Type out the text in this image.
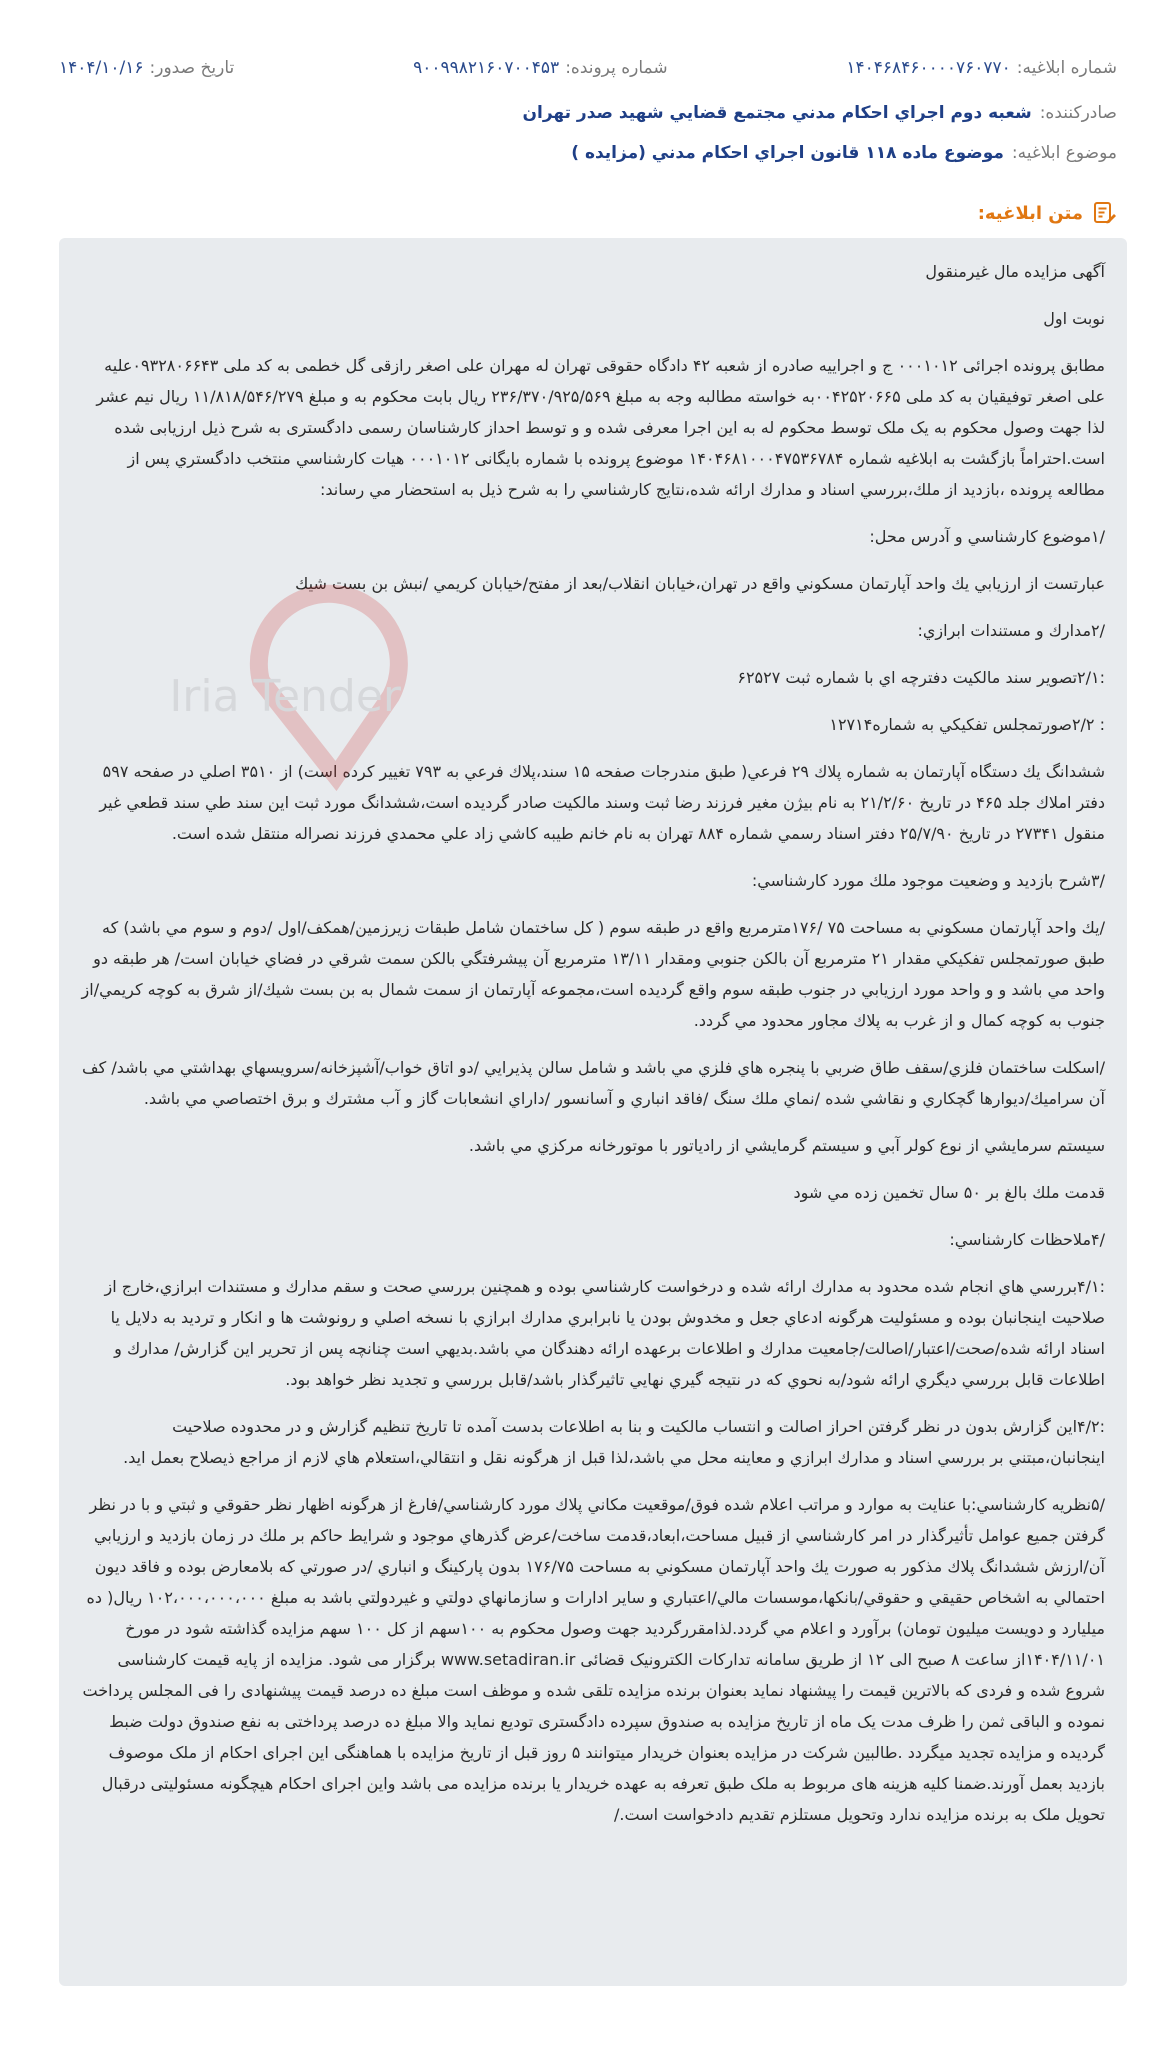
شماره ابلاغیه:
۱۴۰۴۶۸۴۶۰۰۰۰۷۶۰۷۷۰
شماره پرونده:
۹۰۰۹۹۸۲۱۶۰۷۰۰۴۵۳
تاریخ صدور:
۱۴۰۴/۱۰/۱۶
صادرکننده:
شعبه دوم اجراي احكام مدني مجتمع قضايي شهيد صدر تهران
موضوع ابلاغیه:
موضوع ماده ۱۱۸ قانون اجراي احكام مدني (مزايده )
متن ابلاغیه:

آگهی مزایده مال غیرمنقول

نوبت اول

مطابق پرونده اجرائی ۰۰۰۱۰۱۲ ج و اجراییه صادره از شعبه ۴۲ دادگاه حقوقی تهران له مهران علی اصغر رازقی گل خطمی به کد ملی ۰۹۳۲۸۰۶۶۴۳علیه علی اصغر توفیقیان به کد ملی ۰۰۴۲۵۲۰۶۶۵به خواسته مطالبه وجه به مبلغ ۲۳۶/۳۷۰/۹۲۵/۵۶۹ ریال بابت محکوم به و مبلغ ۱۱/۸۱۸/۵۴۶/۲۷۹ ریال نیم عشر لذا جهت وصول محکوم به یک ملک توسط محکوم له به این اجرا معرفی شده و و توسط احداز کارشناسان رسمی دادگستری به شرح ذیل ارزیابی شده است.احتراماً بازگشت به ابلاغيه شماره ۱۴۰۴۶۸۱۰۰۰۴۷۵۳۶۷۸۴ موضوع پرونده با شماره بایگانی ۰۰۰۱۰۱۲ هيات كارشناسي منتخب دادگستري پس از مطالعه پرونده ،بازديد از ملك،بررسي اسناد و مدارك ارائه شده،نتايج كارشناسي را به شرح ذيل به استحضار مي رساند:

/۱موضوع كارشناسي و آدرس محل:

عبارتست از ارزيابي يك واحد آپارتمان مسكوني واقع در تهران،خيابان انقلاب/بعد از مفتح/خيابان كريمي /نبش بن بست شيك

/۲مدارك و مستندات ابرازي:

:۲/۱تصوير سند مالكيت دفترچه اي با شماره ثبت ۶۲۵۲۷

: ۲/۲صورتمجلس تفكيكي به شماره۱۲۷۱۴

ششدانگ يك دستگاه آپارتمان به شماره پلاك ۲۹ فرعي( طبق مندرجات صفحه ۱۵ سند،پلاك فرعي به ۷۹۳ تغيير كرده است) از ۳۵۱۰ اصلي در صفحه ۵۹۷ دفتر املاك جلد ۴۶۵ در تاريخ ۲۱/۲/۶۰ به نام بيژن مغير فرزند رضا ثبت وسند مالكيت صادر گرديده است،ششدانگ مورد ثبت اين سند طي سند قطعي غير منقول ۲۷۳۴۱ در تاريخ ۲۵/۷/۹۰ دفتر اسناد رسمي شماره ۸۸۴ تهران به نام خانم طيبه كاشي زاد علي محمدي فرزند نصراله منتقل شده است.

/۳شرح بازديد و وضعيت موجود ملك مورد كارشناسي:

/يك واحد آپارتمان مسكوني به مساحت ۷۵ /۱۷۶مترمربع واقع در طبقه سوم ( كل ساختمان شامل طبقات زيرزمين/همكف/اول /دوم و سوم مي باشد) كه طبق صورتمجلس تفكيكي مقدار ۲۱ مترمربع آن بالكن جنوبي ومقدار ۱۳/۱۱ مترمربع آن پيشرفتگي بالكن سمت شرقي در فضاي خيابان است/ هر طبقه دو واحد مي باشد و و واحد مورد ارزيابي در جنوب طبقه سوم واقع گرديده است،مجموعه آپارتمان از سمت شمال به بن بست شيك/از شرق به كوچه كريمي/از جنوب به كوچه كمال و از غرب به پلاك مجاور محدود مي گردد.

/اسكلت ساختمان فلزي/سقف طاق ضربي با پنجره هاي فلزي مي باشد و شامل سالن پذيرايي /دو اتاق خواب/آشپزخانه/سرويسهاي بهداشتي مي باشد/ كف آن سراميك/ديوارها گچكاري و نقاشي شده /نماي ملك سنگ /فاقد انباري و آسانسور /داراي انشعابات گاز و آب مشترك و برق اختصاصي مي باشد.

سيستم سرمايشي از نوع كولر آبي و سيستم گرمايشي از رادياتور با موتورخانه مركزي مي باشد.

قدمت ملك بالغ بر ۵۰ سال تخمين زده مي شود

/۴ملاحظات كارشناسي:

:۴/۱بررسي هاي انجام شده محدود به مدارك ارائه شده و درخواست كارشناسي بوده و همچنين بررسي صحت و سقم مدارك و مستندات ابرازي،خارج از صلاحيت اينجانبان بوده و مسئوليت هرگونه ادعاي جعل و مخدوش بودن يا نابرابري مدارك ابرازي با نسخه اصلي و رونوشت ها و انكار و ترديد به دلايل يا اسناد ارائه شده/صحت/اعتبار/اصالت/جامعيت مدارك و اطلاعات برعهده ارائه دهندگان مي باشد.بديهي است چنانچه پس از تحرير اين گزارش/ مدارك و اطلاعات قابل بررسي ديگري ارائه شود/به نحوي كه در نتيجه گيري نهايي تاثيرگذار باشد/قابل بررسي و تجديد نظر خواهد بود.

:۴/۲اين گزارش بدون در نظر گرفتن احراز اصالت و انتساب مالكيت و بنا به اطلاعات بدست آمده تا تاريخ تنظيم گزارش و در محدوده صلاحيت اينجانبان،مبتني بر بررسي اسناد و مدارك ابرازي و معاينه محل مي باشد،لذا قبل از هرگونه نقل و انتقالي،استعلام هاي لازم از مراجع ذيصلاح بعمل ايد.

/۵نظريه كارشناسي:با عنايت به موارد و مراتب اعلام شده فوق/موقعيت مكاني پلاك مورد كارشناسي/فارغ از هرگونه اظهار نظر حقوقي و ثبتي و با در نظر گرفتن جميع عوامل تأثيرگذار در امر كارشناسي از قبيل مساحت،ابعاد،قدمت ساخت/عرض گذرهاي موجود و شرايط حاكم بر ملك در زمان بازديد و ارزيابي آن/ارزش ششدانگ پلاك مذكور به صورت يك واحد آپارتمان مسكوني به مساحت ۱۷۶/۷۵ بدون پاركينگ و انباري /در صورتي كه بلامعارض بوده و فاقد ديون احتمالي به اشخاص حقيقي و حقوقي/بانكها،موسسات مالي/اعتباري و ساير ادارات و سازمانهاي دولتي و غيردولتي باشد به مبلغ ۱۰۲،۰۰۰،۰۰۰،۰۰۰ ريال( ده ميليارد و دويست ميليون تومان) برآورد و اعلام مي گردد.لذامقررگردید جهت وصول محکوم به ۱۰۰سهم از کل ۱۰۰ سهم مزایده گذاشته شود در مورخ ۱۴۰۴/۱۱/۰۱از ساعت ۸ صبح الی ۱۲ از طریق سامانه تدارکات الکترونیک قضائی www.setadiran.ir برگزار می شود. مزایده از پایه قیمت کارشناسی شروع شده و فردی که بالاترین قیمت را پیشنهاد نماید بعنوان برنده مزایده تلقی شده و موظف است مبلغ ده درصد قیمت پیشنهادی را فی المجلس پرداخت نموده و الباقی ثمن را ظرف مدت یک ماه از تاریخ مزایده به صندوق سپرده دادگستری تودیع نماید والا مبلغ ده درصد پرداختی به نفع صندوق دولت ضبط گردیده و مزایده تجدید میگردد .طالبین شرکت در مزایده بعنوان خریدار میتوانند ۵ روز قبل از تاریخ مزایده با هماهنگی این اجرای احکام از ملک موصوف بازدید بعمل آورند.ضمنا کلیه هزینه های مربوط به ملک طبق تعرفه به عهده خریدار یا برنده مزایده می باشد واین اجرای احکام هیچگونه مسئولیتی درقبال تحویل ملک به برنده مزایده ندارد وتحویل مستلزم تقدیم دادخواست است./

Iria Tender
